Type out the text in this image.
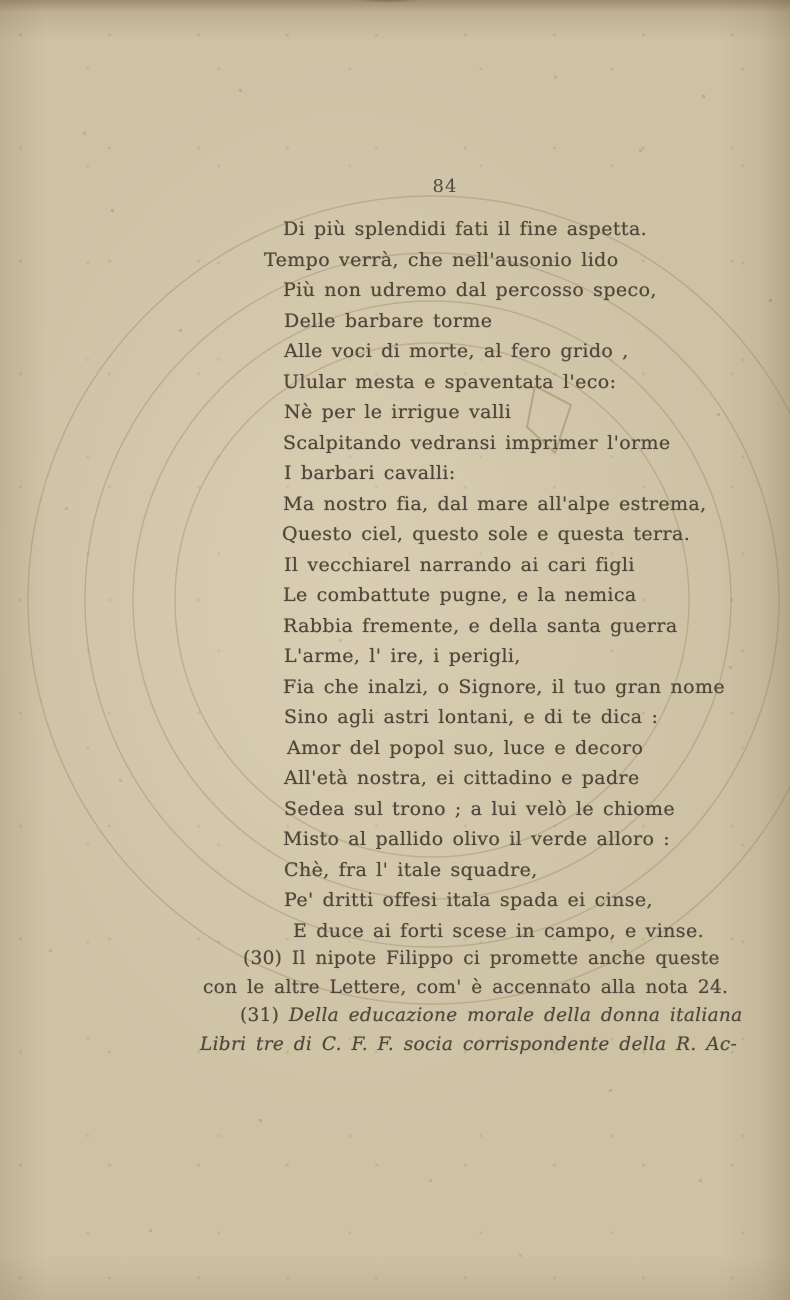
84
Di più splendidi fati il fine aspetta.
Tempo verrà, che nell'ausonio lido
Più non udremo dal percosso speco,
Delle barbare torme
Alle voci di morte, al fero grido ,
Ulular mesta e spaventata l'eco:
Nè per le irrigue valli
Scalpitando vedransi imprimer l'orme
I barbari cavalli:
Ma nostro fia, dal mare all'alpe estrema,
Questo ciel, questo sole e questa terra.
Il vecchiarel narrando ai cari figli
Le combattute pugne, e la nemica
Rabbia fremente, e della santa guerra
L'arme, l' ire, i perigli,
Fia che inalzi, o Signore, il tuo gran nome
Sino agli astri lontani, e di te dica :
Amor del popol suo, luce e decoro
All'età nostra, ei cittadino e padre
Sedea sul trono ; a lui velò le chiome
Misto al pallido olivo il verde alloro :
Chè, fra l' itale squadre,
Pe' dritti offesi itala spada ei cinse,
E duce ai forti scese in campo, e vinse.
(30) Il nipote Filippo ci promette anche queste
con le altre Lettere, com' è accennato alla nota 24.
(31) Della educazione morale della donna italiana
Libri tre di C. F. F. socia corrispondente della R. Ac-
